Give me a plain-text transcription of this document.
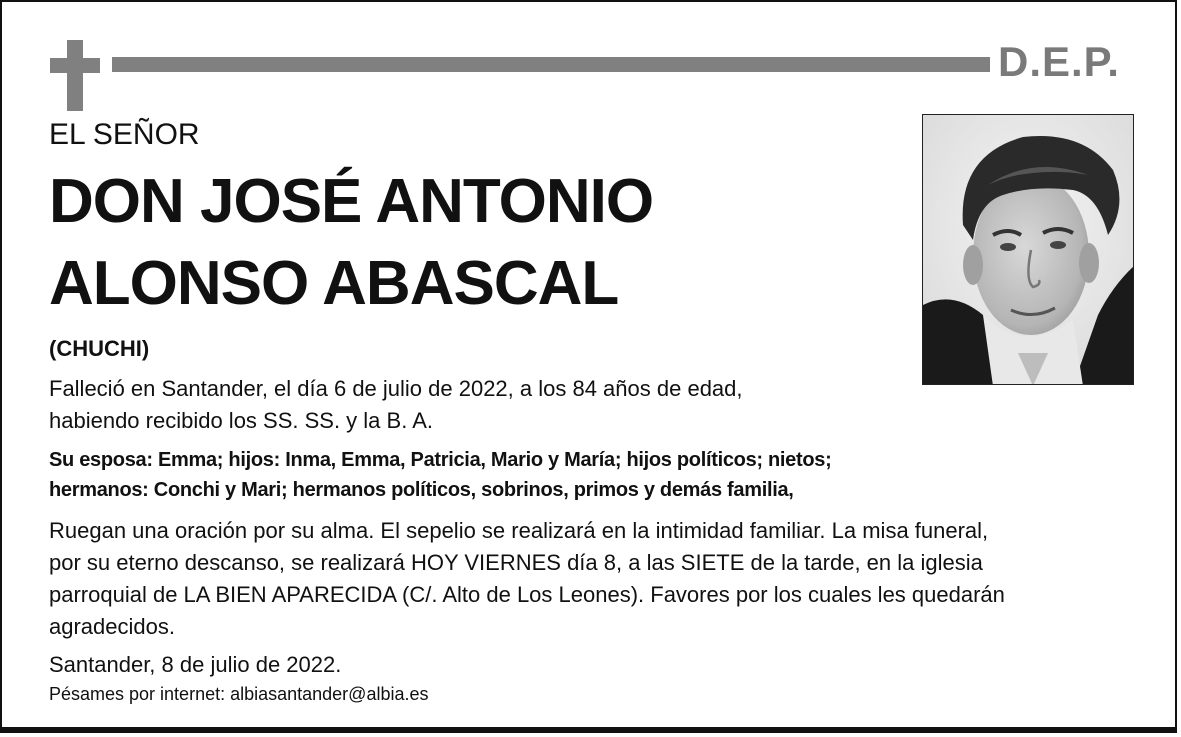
D.E.P.
EL SEÑOR
DON JOSÉ ANTONIO
ALONSO ABASCAL
(CHUCHI)
Falleció en Santander, el día 6 de julio de 2022, a los 84 años de edad,
habiendo recibido los SS. SS. y la B. A.
Su esposa: Emma; hijos: Inma, Emma, Patricia, Mario y María; hijos políticos; nietos;
hermanos: Conchi y Mari; hermanos políticos, sobrinos, primos y demás familia,
Ruegan una oración por su alma. El sepelio se realizará en la intimidad familiar. La misa funeral,
por su eterno descanso, se realizará HOY VIERNES día 8, a las SIETE de la tarde, en la iglesia
parroquial de LA BIEN APARECIDA (C/. Alto de Los Leones). Favores por los cuales les quedarán
agradecidos.
Santander, 8 de julio de 2022.
Pésames por internet: albiasantander@albia.es
